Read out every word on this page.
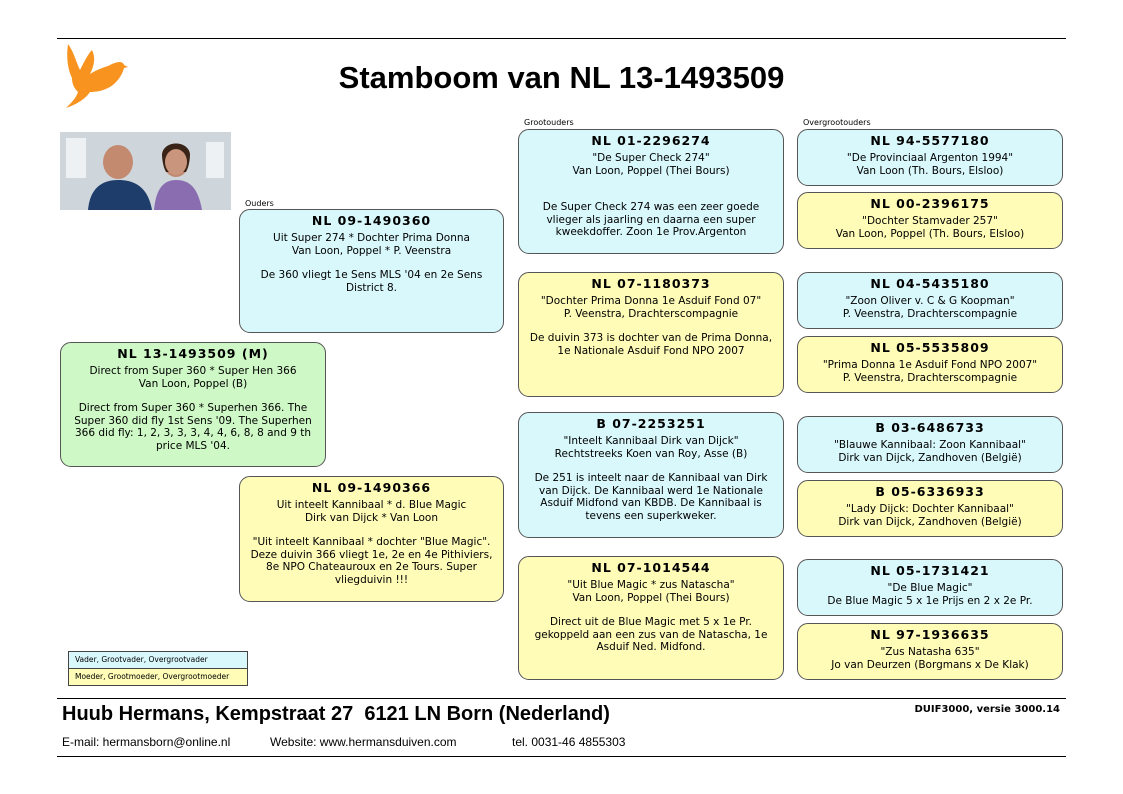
Stamboom van NL 13-1493509
Ouders
Grootouders	Overgrootouders
NL 13-1493509 (M)
Direct from Super 360 * Super Hen 366
Van Loon, Poppel (B)
Direct from Super 360 * Superhen 366. The Super 360 did fly 1st Sens '09. The Superhen 366 did fly: 1, 2, 3, 3, 3, 4, 4, 6, 8, 8 and 9 th price MLS '04.
NL 09-1490360
Uit Super 274 * Dochter Prima Donna
Van Loon, Poppel * P. Veenstra
De 360 vliegt 1e Sens MLS '04 en 2e Sens District 8.
NL 09-1490366
Uit inteelt Kannibaal * d. Blue Magic
Dirk van Dijck * Van Loon
"Uit inteelt Kannibaal * dochter "Blue Magic". Deze duivin 366 vliegt 1e, 2e en 4e Pithiviers, 8e NPO Chateauroux en 2e Tours. Super vliegduivin !!!
NL 01-2296274
"De Super Check 274"
Van Loon, Poppel (Thei Bours)
De Super Check 274 was een zeer goede vlieger als jaarling en daarna een super kweekdoffer. Zoon 1e Prov.Argenton
NL 07-1180373
"Dochter Prima Donna 1e Asduif Fond 07"
P. Veenstra, Drachterscompagnie
De duivin 373 is dochter van de Prima Donna, 1e Nationale Asduif Fond NPO 2007
B 07-2253251
"Inteelt Kannibaal Dirk van Dijck"
Rechtstreeks Koen van Roy, Asse (B)
De 251 is inteelt naar de Kannibaal van Dirk van Dijck. De Kannibaal werd 1e Nationale Asduif Midfond van KBDB. De Kannibaal is tevens een superkweker.
NL 07-1014544
"Uit Blue Magic * zus Natascha"
Van Loon, Poppel (Thei Bours)
Direct uit de Blue Magic met 5 x 1e Pr. gekoppeld aan een zus van de Natascha, 1e Asduif Ned. Midfond.
NL 94-5577180
"De Provinciaal Argenton 1994"
Van Loon (Th. Bours, Elsloo)
NL 00-2396175
"Dochter Stamvader 257"
Van Loon, Poppel (Th. Bours, Elsloo)
NL 04-5435180
"Zoon Oliver v. C & G Koopman"
P. Veenstra, Drachterscompagnie
NL 05-5535809
"Prima Donna 1e Asduif Fond NPO 2007"
P. Veenstra, Drachterscompagnie
B 03-6486733
"Blauwe Kannibaal: Zoon Kannibaal"
Dirk van Dijck, Zandhoven (België)
B 05-6336933
"Lady Dijck: Dochter Kannibaal"
Dirk van Dijck, Zandhoven (België)
NL 05-1731421
"De Blue Magic"
De Blue Magic 5 x 1e Prijs en 2 x 2e Pr.
NL 97-1936635
"Zus Natasha 635"
Jo van Deurzen (Borgmans x De Klak)
Vader, Grootvader, Overgrootvader
Moeder, Grootmoeder, Overgrootmoeder
Huub Hermans, Kempstraat 27  6121 LN Born (Nederland)	DUIF3000, versie 3000.14

E-mail: hermansborn@online.nl

	Website: www.hermansduiven.com

	tel. 0031-46 4855303
